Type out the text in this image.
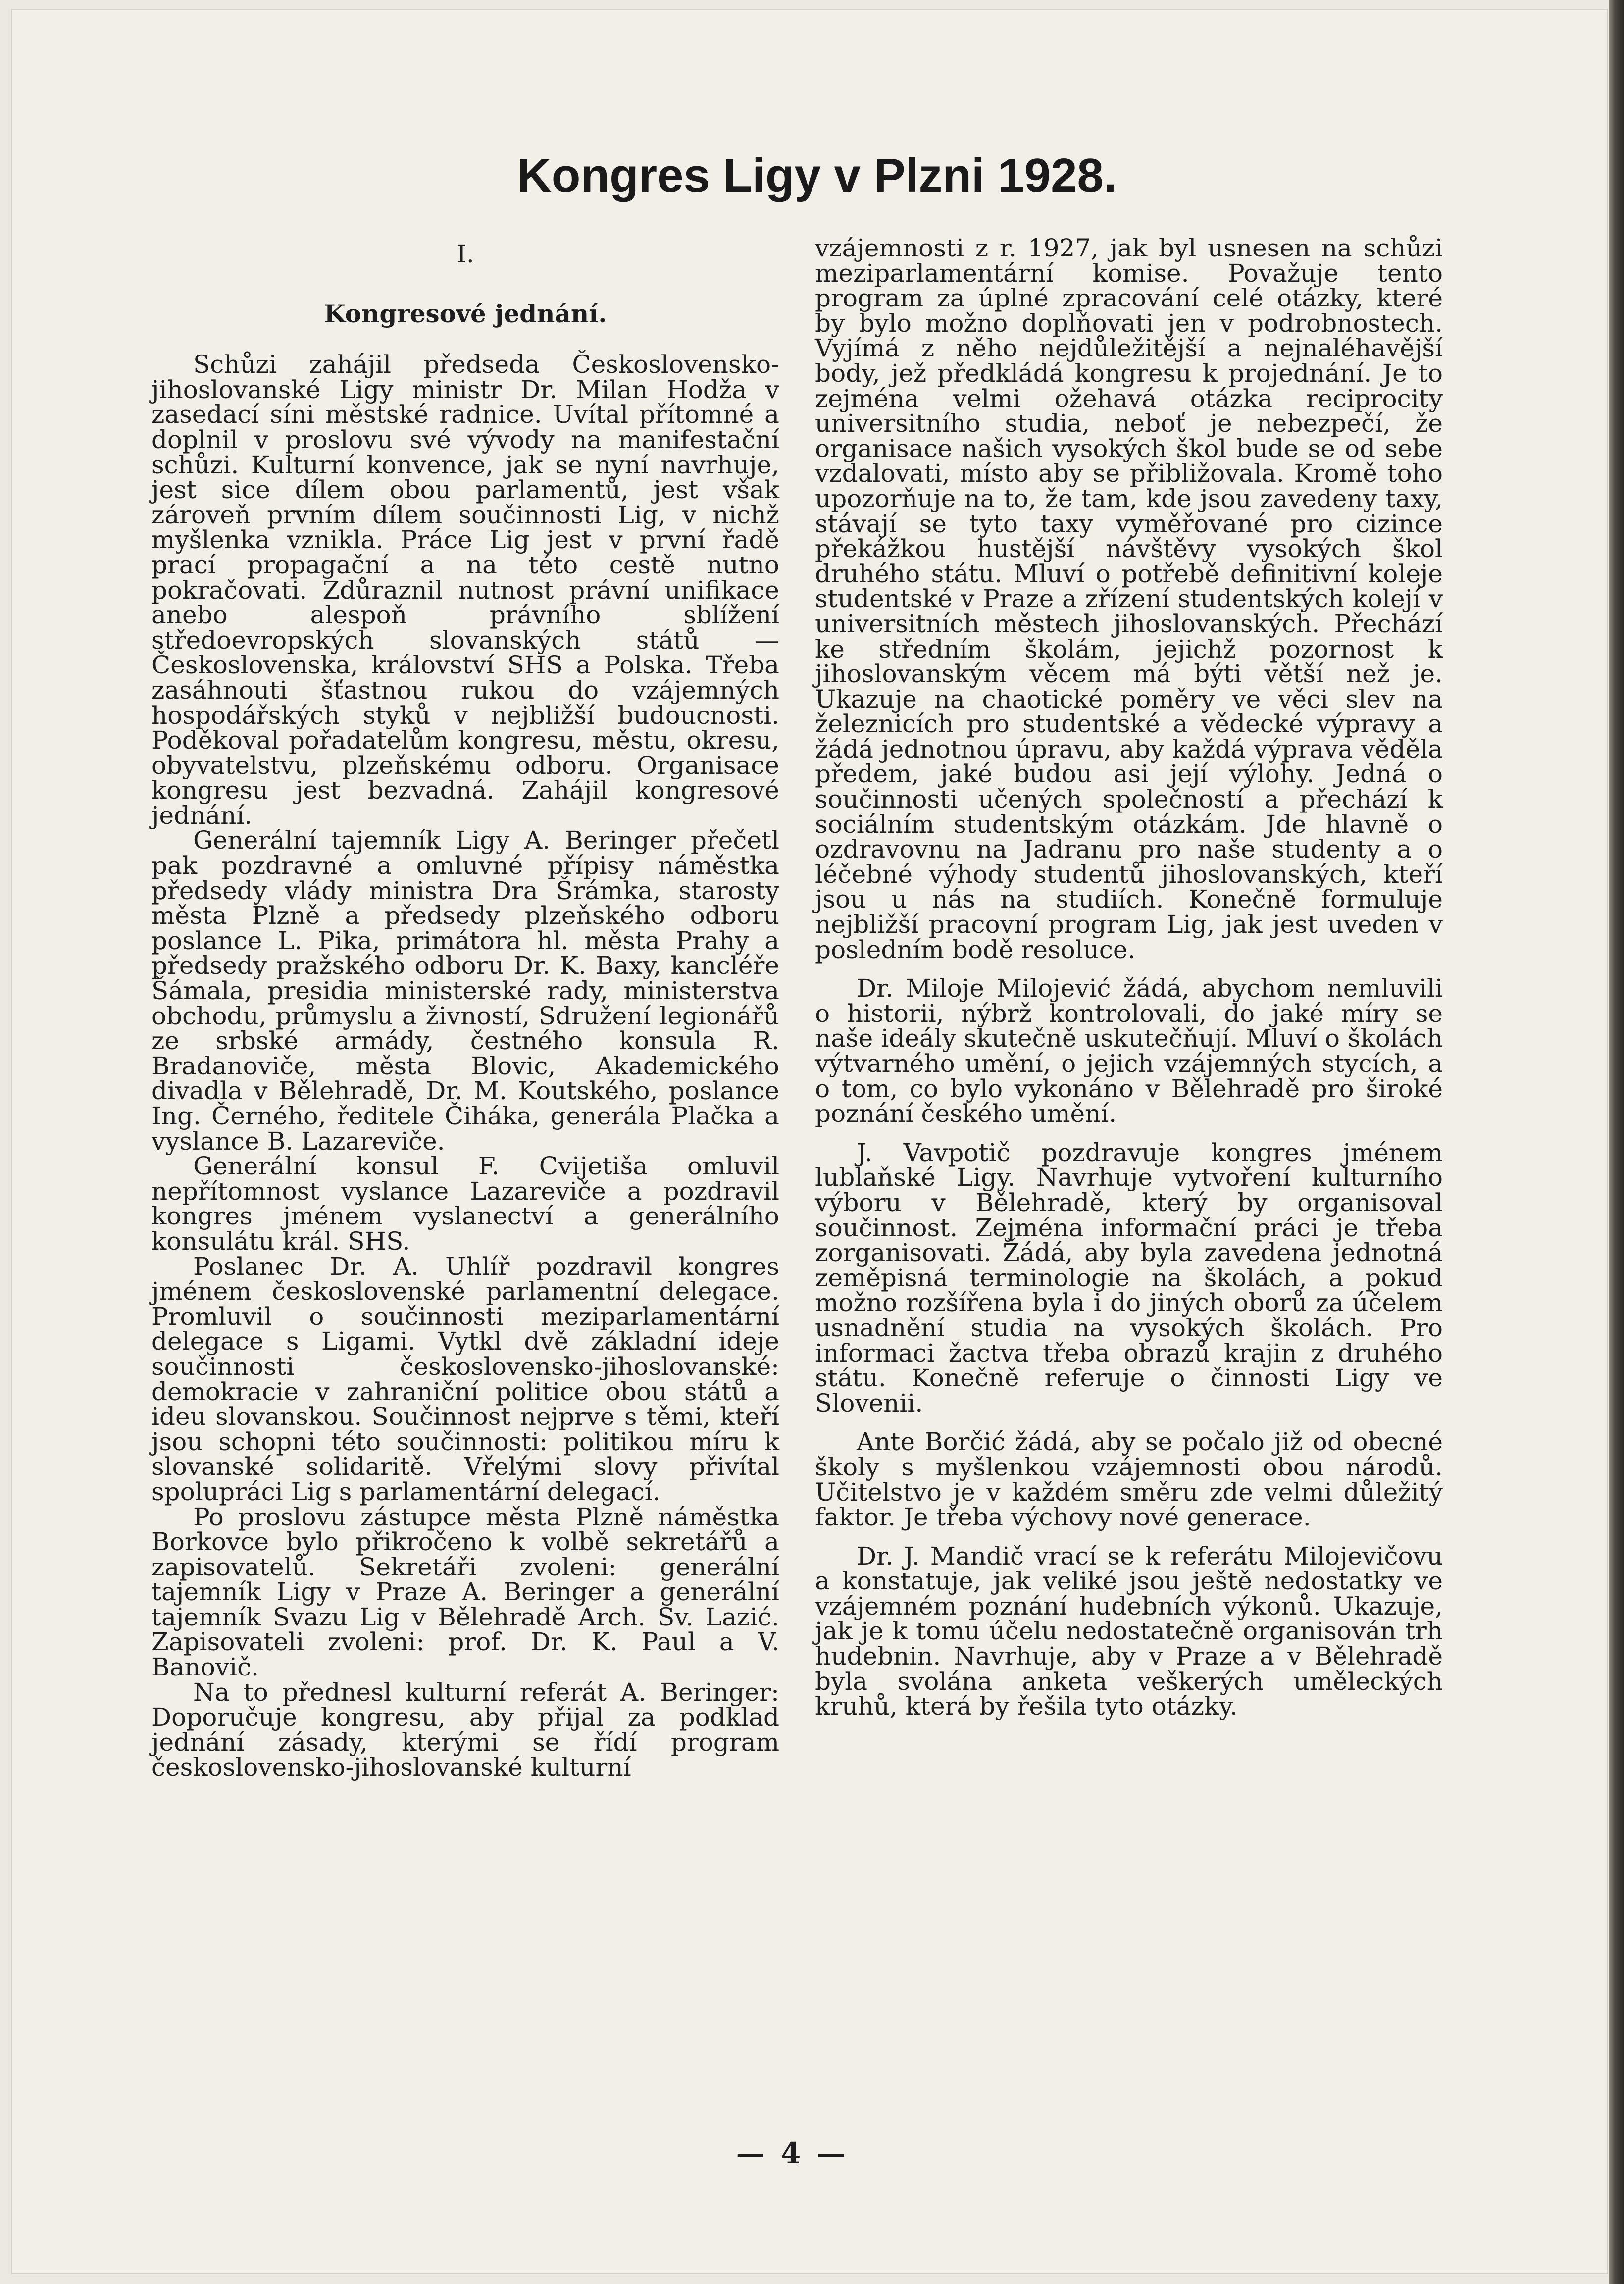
Kongres Ligy v Plzni 1928.

I.

Kongresové jednání.

Schůzi zahájil předseda Československo-jihoslovanské Ligy ministr Dr. Milan Hodža v zasedací síni městské radnice. Uvítal přítomné a doplnil v proslovu své vývody na manifestační schůzi. Kulturní konvence, jak se nyní navrhuje, jest sice dílem obou parlamentů, jest však zároveň prvním dílem součinnosti Lig, v nichž myšlenka vznikla. Práce Lig jest v první řadě prací propagační a na této cestě nutno pokračovati. Zdůraznil nutnost právní unifikace anebo alespoň právního sblížení středoevropských slovanských států — Československa, království SHS a Polska. Třeba zasáhnouti šťastnou rukou do vzájemných hospodářských styků v nejbližší budoucnosti. Poděkoval pořadatelům kongresu, městu, okresu, obyvatelstvu, plzeňskému odboru. Organisace kongresu jest bezvadná. Zahájil kongresové jednání.

Generální tajemník Ligy A. Beringer přečetl pak pozdravné a omluvné přípisy náměstka předsedy vlády ministra Dra Šrámka, starosty města Plzně a předsedy plzeňského odboru poslance L. Pika, primátora hl. města Prahy a předsedy pražského odboru Dr. K. Baxy, kancléře Šámala, presidia ministerské rady, ministerstva obchodu, průmyslu a živností, Sdružení legionářů ze srbské armády, čestného konsula R. Bradanoviče, města Blovic, Akademického divadla v Bělehradě, Dr. M. Koutského, poslance Ing. Černého, ředitele Čiháka, generála Plačka a vyslance B. Lazareviče.

Generální konsul F. Cvijetiša omluvil nepřítomnost vyslance Lazareviče a pozdravil kongres jménem vyslanectví a generálního konsulátu král. SHS.

Poslanec Dr. A. Uhlíř pozdravil kongres jménem československé parlamentní delegace. Promluvil o součinnosti meziparlamentární delegace s Ligami. Vytkl dvě základní ideje součinnosti československo-jihoslovanské: demokracie v zahraniční politice obou států a ideu slovanskou. Součinnost nejprve s těmi, kteří jsou schopni této součinnosti: politikou míru k slovanské solidaritě. Vřelými slovy přivítal spolupráci Lig s parlamentární delegací.

Po proslovu zástupce města Plzně náměstka Borkovce bylo přikročeno k volbě sekretářů a zapisovatelů. Sekretáři zvoleni: generální tajemník Ligy v Praze A. Beringer a generální tajemník Svazu Lig v Bělehradě Arch. Sv. Lazić. Zapisovateli zvoleni: prof. Dr. K. Paul a V. Banovič.

Na to přednesl kulturní referát A. Beringer: Doporučuje kongresu, aby přijal za podklad jednání zásady, kterými se řídí program československo-jihoslovanské kulturní

vzájemnosti z r. 1927, jak byl usnesen na schůzi meziparlamentární komise. Považuje tento program za úplné zpracování celé otázky, které by bylo možno doplňovati jen v podrobnostech. Vyjímá z něho nejdůležitější a nejnaléhavější body, jež předkládá kongresu k projednání. Je to zejména velmi ožehavá otázka reciprocity universitního studia, neboť je nebezpečí, že organisace našich vysokých škol bude se od sebe vzdalovati, místo aby se přibližovala. Kromě toho upozorňuje na to, že tam, kde jsou zavedeny taxy, stávají se tyto taxy vyměřované pro cizince překážkou hustější návštěvy vysokých škol druhého státu. Mluví o potřebě definitivní koleje studentské v Praze a zřízení studentských kolejí v universitních městech jihoslovanských. Přechází ke středním školám, jejichž pozornost k jihoslovanským věcem má býti větší než je. Ukazuje na chaotické poměry ve věci slev na železnicích pro studentské a vědecké výpravy a žádá jednotnou úpravu, aby každá výprava věděla předem, jaké budou asi její výlohy. Jedná o součinnosti učených společností a přechází k sociálním studentským otázkám. Jde hlavně o ozdravovnu na Jadranu pro naše studenty a o léčebné výhody studentů jihoslovanských, kteří jsou u nás na studiích. Konečně formuluje nejbližší pracovní program Lig, jak jest uveden v posledním bodě resoluce.

Dr. Miloje Milojević žádá, abychom nemluvili o historii, nýbrž kontrolovali, do jaké míry se naše ideály skutečně uskutečňují. Mluví o školách výtvarného umění, o jejich vzájemných stycích, a o tom, co bylo vykonáno v Bělehradě pro široké poznání českého umění.

J. Vavpotič pozdravuje kongres jménem lublaňské Ligy. Navrhuje vytvoření kulturního výboru v Bělehradě, který by organisoval součinnost. Zejména informační práci je třeba zorganisovati. Žádá, aby byla zavedena jednotná zeměpisná terminologie na školách, a pokud možno rozšířena byla i do jiných oborů za účelem usnadnění studia na vysokých školách. Pro informaci žactva třeba obrazů krajin z druhého státu. Konečně referuje o činnosti Ligy ve Slovenii.

Ante Borčić žádá, aby se počalo již od obecné školy s myšlenkou vzájemnosti obou národů. Učitelstvo je v každém směru zde velmi důležitý faktor. Je třeba výchovy nové generace.

Dr. J. Mandič vrací se k referátu Milojevičovu a konstatuje, jak veliké jsou ještě nedostatky ve vzájemném poznání hudebních výkonů. Ukazuje, jak je k tomu účelu nedostatečně organisován trh hudebnin. Navrhuje, aby v Praze a v Bělehradě byla svolána anketa veškerých uměleckých kruhů, která by řešila tyto otázky.

— 4 —
